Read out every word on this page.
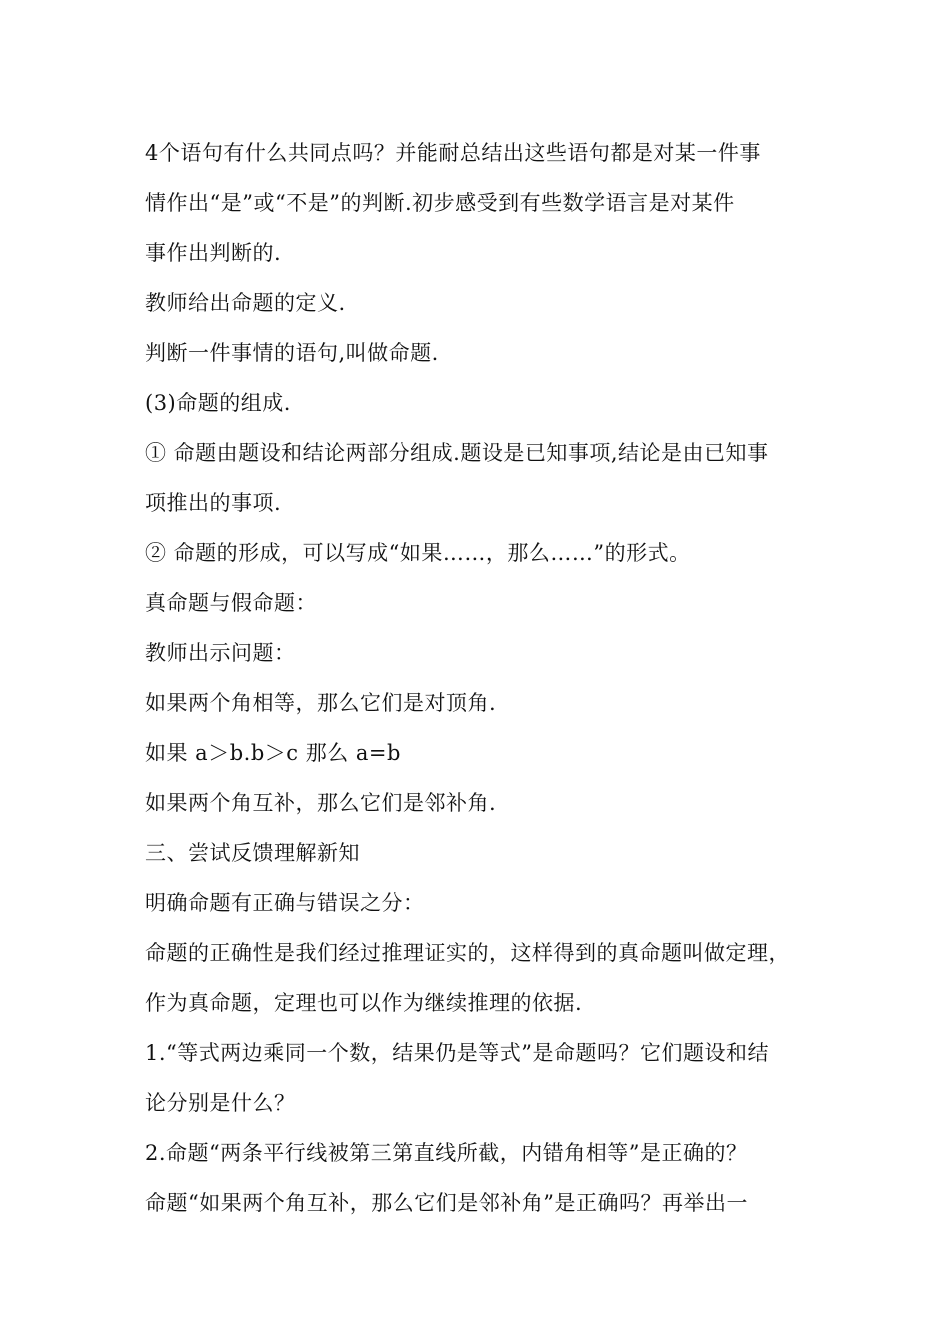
4个语句有什么共同点吗？并能耐总结出这些语句都是对某一件事
情作出“是”或“不是”的判断.初步感受到有些数学语言是对某件
事作出判断的.
教师给出命题的定义.
判断一件事情的语句,叫做命题.
(3)命题的组成.
① 命题由题设和结论两部分组成.题设是已知事项,结论是由已知事
项推出的事项.
② 命题的形成，可以写成“如果……，那么……”的形式。
真命题与假命题：
教师出示问题：
如果两个角相等，那么它们是对顶角.
如果 a＞b.b＞c 那么 a=b
如果两个角互补，那么它们是邻补角.
三、尝试反馈理解新知
明确命题有正确与错误之分：
命题的正确性是我们经过推理证实的，这样得到的真命题叫做定理，
作为真命题，定理也可以作为继续推理的依据.
1.“等式两边乘同一个数，结果仍是等式”是命题吗？它们题设和结
论分别是什么？
2.命题“两条平行线被第三第直线所截，内错角相等”是正确的？
命题“如果两个角互补，那么它们是邻补角”是正确吗？再举出一
